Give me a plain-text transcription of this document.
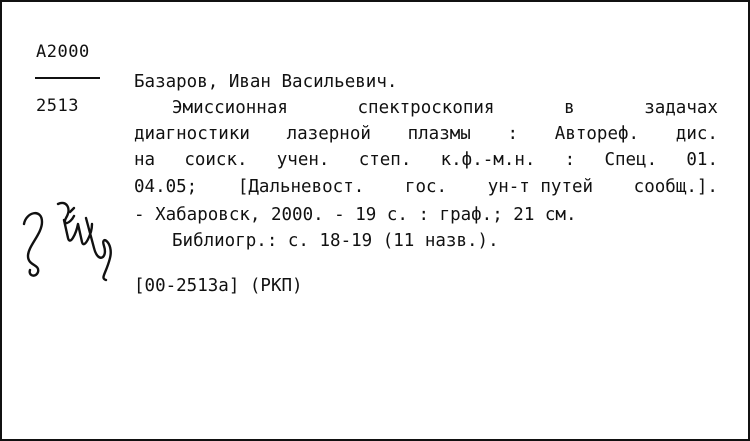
A2000
2513
Базаров, Иван Васильевич.
Эмиссионная	спектроскопия	в	задачах
диагностики лазерной плазмы : Автореф. дис.
на соиск. учен. степ. к.ф.-м.н. : Спец. 01.
04.05; [Дальневост. гос. ун-т путей сообщ.].
- Хабаровск, 2000. - 19 с. : граф.; 21 см.
Библиогр.: с. 18-19 (11 назв.).
[00-2513а] (РКП)
